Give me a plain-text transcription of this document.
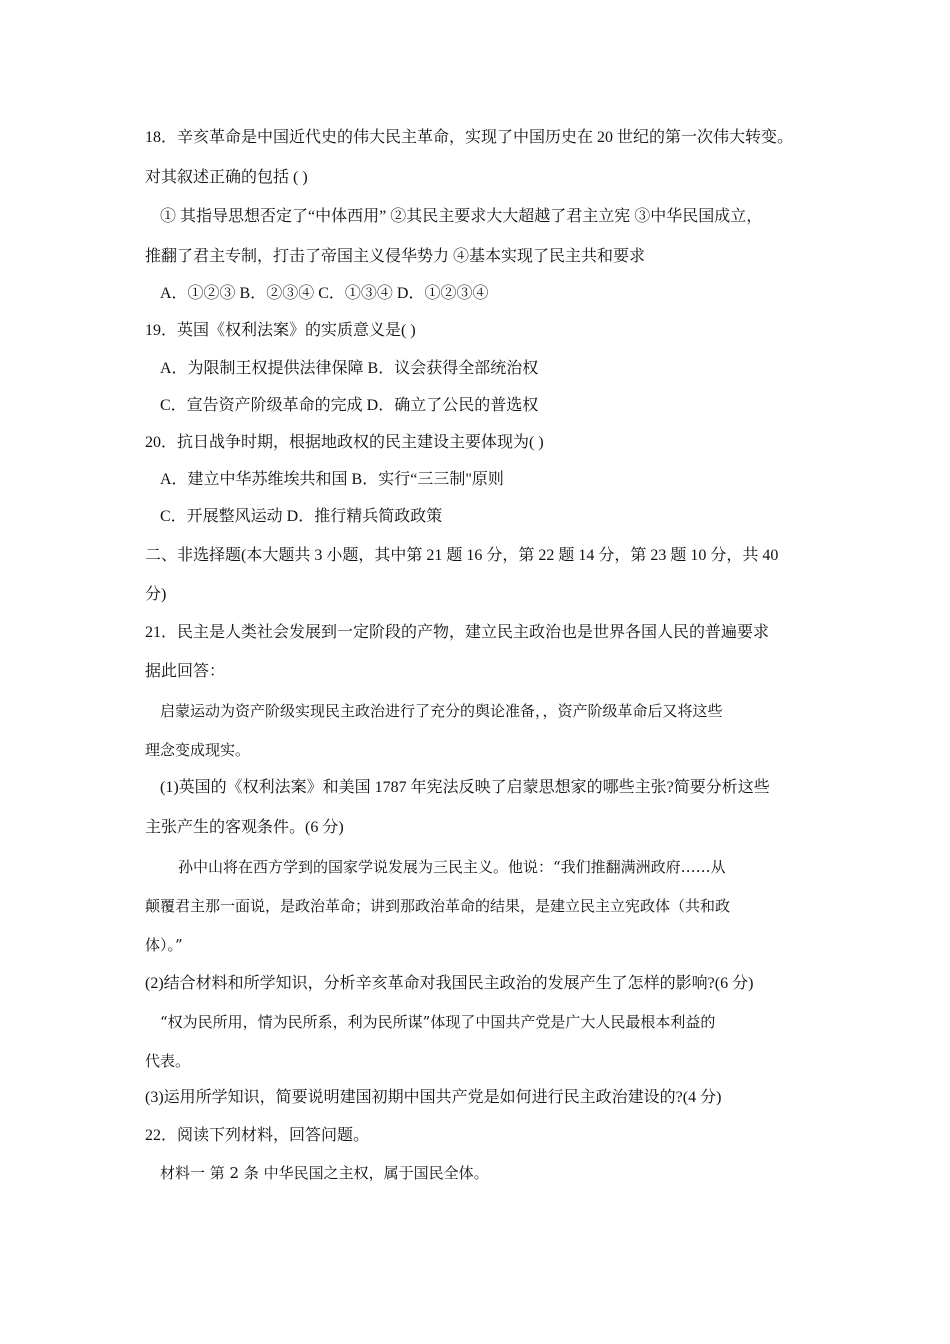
18．辛亥革命是中国近代史的伟大民主革命，实现了中国历史在 20 世纪的第一次伟大转变。
对其叙述正确的包括 ( )
① 其指导思想否定了“中体西用” ②其民主要求大大超越了君主立宪 ③中华民国成立，
推翻了君主专制，打击了帝国主义侵华势力 ④基本实现了民主共和要求
A．①②③ B．②③④ C．①③④ D．①②③④
19．英国《权利法案》的实质意义是( )
A．为限制王权提供法律保障 B．议会获得全部统治权
C．宣告资产阶级革命的完成 D．确立了公民的普选权
20．抗日战争时期，根据地政权的民主建设主要体现为( )
A．建立中华苏维埃共和国 B．实行“三三制"原则
C．开展整风运动 D．推行精兵简政政策
二、非选择题(本大题共 3 小题，其中第 21 题 16 分，第 22 题 14 分，第 23 题 10 分，共 40
分)
21．民主是人类社会发展到一定阶段的产物，建立民主政治也是世界各国人民的普遍要求
据此回答：
启蒙运动为资产阶级实现民主政治进行了充分的舆论准备，，资产阶级革命后又将这些
理念变成现实。
(1)英国的《权利法案》和美国 1787 年宪法反映了启蒙思想家的哪些主张?简要分析这些
主张产生的客观条件。(6 分)
孙中山将在西方学到的国家学说发展为三民主义。他说：“我们推翻满洲政府……从
颠覆君主那一面说，是政治革命；讲到那政治革命的结果，是建立民主立宪政体（共和政
体）。”
(2)结合材料和所学知识，分析辛亥革命对我国民主政治的发展产生了怎样的影响?(6 分)
“权为民所用，情为民所系，利为民所谋”体现了中国共产党是广大人民最根本利益的
代表。
(3)运用所学知识，简要说明建国初期中国共产党是如何进行民主政治建设的?(4 分)
22．阅读下列材料，回答问题。
材料一 第 2 条 中华民国之主权，属于国民全体。
